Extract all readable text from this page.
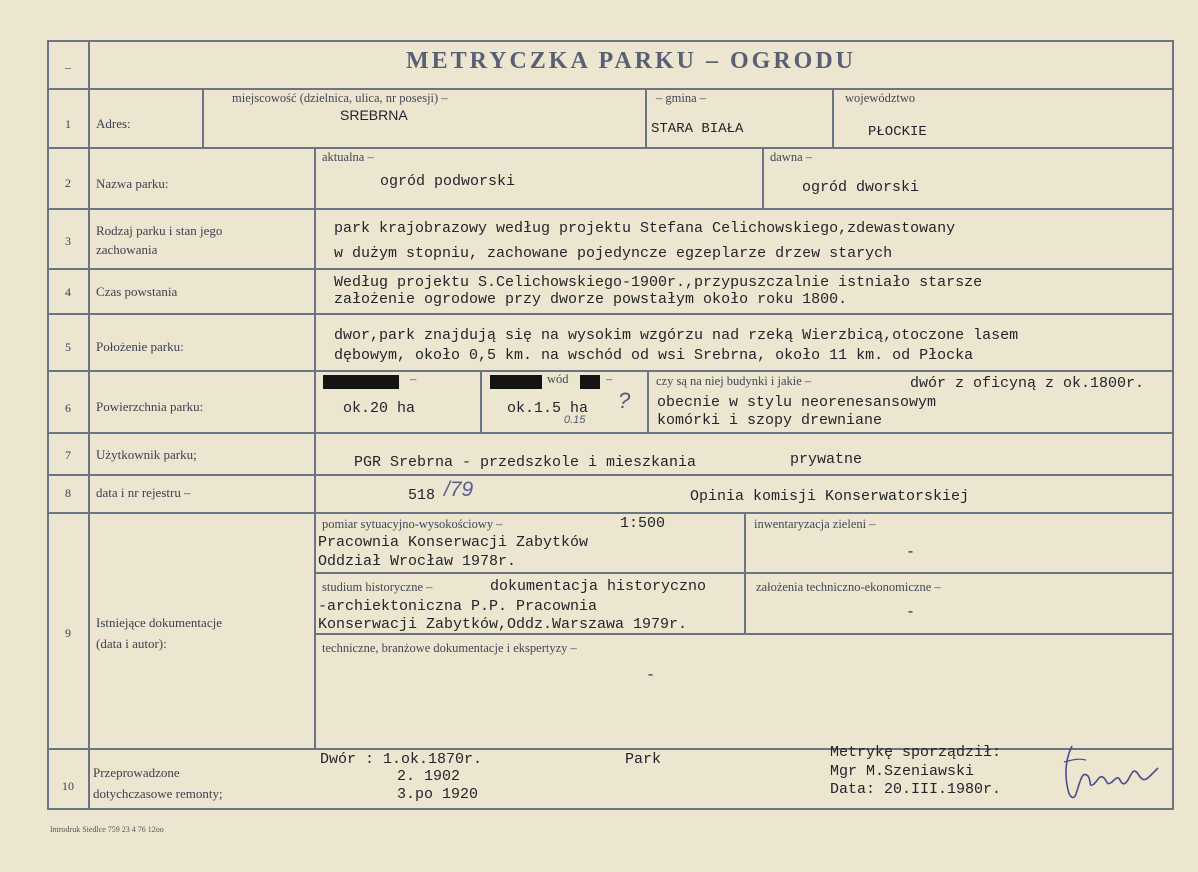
–	METRYCZKA PARKU – OGRODU
1	Adres:
miejscowość (dzielnica, ulica, nr posesji) –
SREBRNA
– gmina –
STARA BIAŁA
województwo
PŁOCKIE
2	Nazwa parku:
aktualna –
ogród podworski
dawna –
ogród dworski
3
Rodzaj parku i stan jego
zachowania
park krajobrazowy według projektu Stefana Celichowskiego,zdewastowany
w dużym stopniu, zachowane pojedyncze egzeplarze drzew starych
4	Czas powstania
Według projektu S.Celichowskiego-1900r.,przypuszczalnie istniało starsze
założenie ogrodowe przy dworze powstałym około roku 1800.
5	Położenie parku:
dwor,park znajdują się na wysokim wzgórzu nad rzeką Wierzbicą,otoczone lasem
dębowym, około 0,5 km. na wschód od wsi Srebrna, około 11 km. od Płocka
6	Powierzchnia parku:
–
ok.20 ha
wód	–
ok.1.5 ha ?
0.15
czy są na niej budynki i jakie –	dwór z oficyną z ok.1800r.
obecnie w stylu neorenesansowym
komórki i szopy drewniane
7	Użytkownik parku;	PGR Srebrna - przedszkole i mieszkania	prywatne
8	data i nr rejestru –	518 /79	Opinia komisji Konserwatorskiej
9
Istniejące dokumentacje
(data i autor):
pomiar sytuacyjno-wysokościowy –	1:500
Pracownia Konserwacji Zabytków
Oddział Wrocław 1978r.
inwentaryzacja zieleni –
-
studium historyczne –	dokumentacja historyczno
-archiektoniczna P.P. Pracownia
Konserwacji Zabytków,Oddz.Warszawa 1979r.
założenia techniczno-ekonomiczne –
-
techniczne, branżowe dokumentacje i ekspertyzy –
-
10
Przeprowadzone
dotychczasowe remonty;
Dwór : 1.ok.1870r.
2. 1902
3.po 1920
Park	Metrykę sporządził:
Mgr M.Szeniawski
Data: 20.III.1980r.
Introdruk Siedlce 759 23 4 76 12oo
